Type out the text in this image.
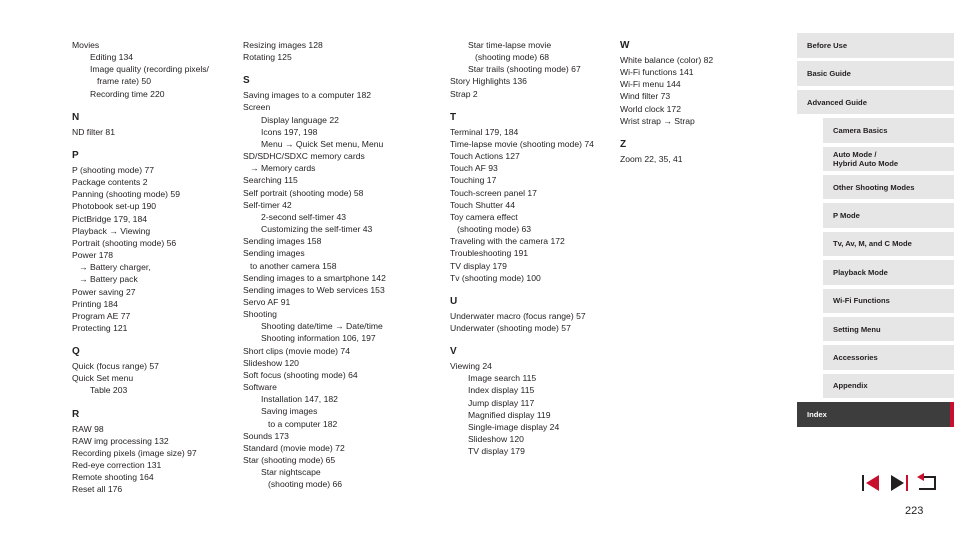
Movies
Editing 134
Image quality (recording pixels/
frame rate) 50
Recording time 220
N
ND filter 81
P
P (shooting mode) 77
Package contents 2
Panning (shooting mode) 59
Photobook set-up 190
PictBridge 179, 184
Playback → Viewing
Portrait (shooting mode) 56
Power 178
→ Battery charger,
→ Battery pack
Power saving 27
Printing 184
Program AE 77
Protecting 121
Q
Quick (focus range) 57
Quick Set menu
Table 203
R
RAW 98
RAW img processing 132
Recording pixels (image size) 97
Red-eye correction 131
Remote shooting 164
Reset all 176
Resizing images 128
Rotating 125
S
Saving images to a computer 182
Screen
Display language 22
Icons 197, 198
Menu → Quick Set menu, Menu
SD/SDHC/SDXC memory cards
→ Memory cards
Searching 115
Self portrait (shooting mode) 58
Self-timer 42
2-second self-timer 43
Customizing the self-timer 43
Sending images 158
Sending images
to another camera 158
Sending images to a smartphone 142
Sending images to Web services 153
Servo AF 91
Shooting
Shooting date/time → Date/time
Shooting information 106, 197
Short clips (movie mode) 74
Slideshow 120
Soft focus (shooting mode) 64
Software
Installation 147, 182
Saving images
to a computer 182
Sounds 173
Standard (movie mode) 72
Star (shooting mode) 65
Star nightscape
(shooting mode) 66
Star time-lapse movie
(shooting mode) 68
Star trails (shooting mode) 67
Story Highlights 136
Strap 2
T
Terminal 179, 184
Time-lapse movie (shooting mode) 74
Touch Actions 127
Touch AF 93
Touching 17
Touch-screen panel 17
Touch Shutter 44
Toy camera effect
(shooting mode) 63
Traveling with the camera 172
Troubleshooting 191
TV display 179
Tv (shooting mode) 100
U
Underwater macro (focus range) 57
Underwater (shooting mode) 57
V
Viewing 24
Image search 115
Index display 115
Jump display 117
Magnified display 119
Single-image display 24
Slideshow 120
TV display 179
W
White balance (color) 82
Wi-Fi functions 141
Wi-Fi menu 144
Wind filter 73
World clock 172
Wrist strap → Strap
Z
Zoom 22, 35, 41
Before Use
Basic Guide
Advanced Guide
Camera Basics
Auto Mode /
Hybrid Auto Mode
Other Shooting Modes
P Mode
Tv, Av, M, and C Mode
Playback Mode
Wi-Fi Functions
Setting Menu
Accessories
Appendix
Index
223
